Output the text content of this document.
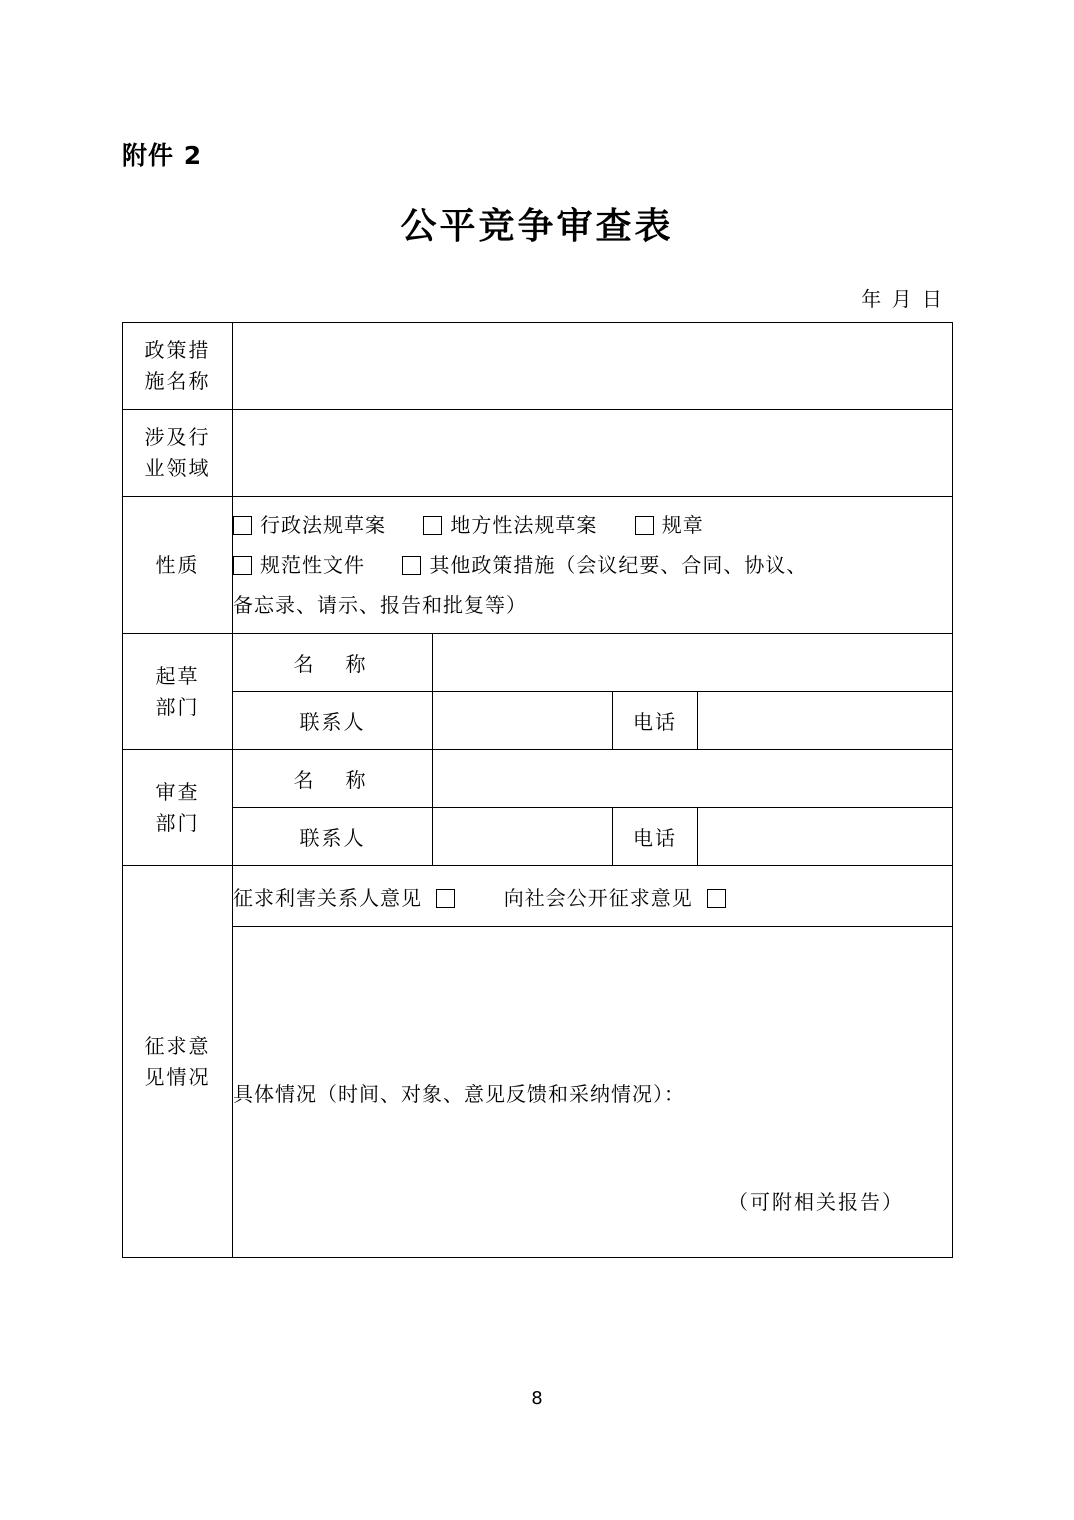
附件 2
公平竞争审查表
年 月 日
政策措
施名称				

涉及行
业领域				

性质	行政法规草案 地方性法规草案 规章
规范性文件 其他政策措施（会议纪要、合同、协议、
备忘录、请示、报告和批复等）			

起草
部门	名　称			
	联系人		电话	

审查
部门	名　称			
	联系人		电话	

征求意
见情况	征求利害关系人意见 向社会公开征求意见			

	具体情况（时间、对象、意见反馈和采纳情况）：
（可附相关报告）			
8
